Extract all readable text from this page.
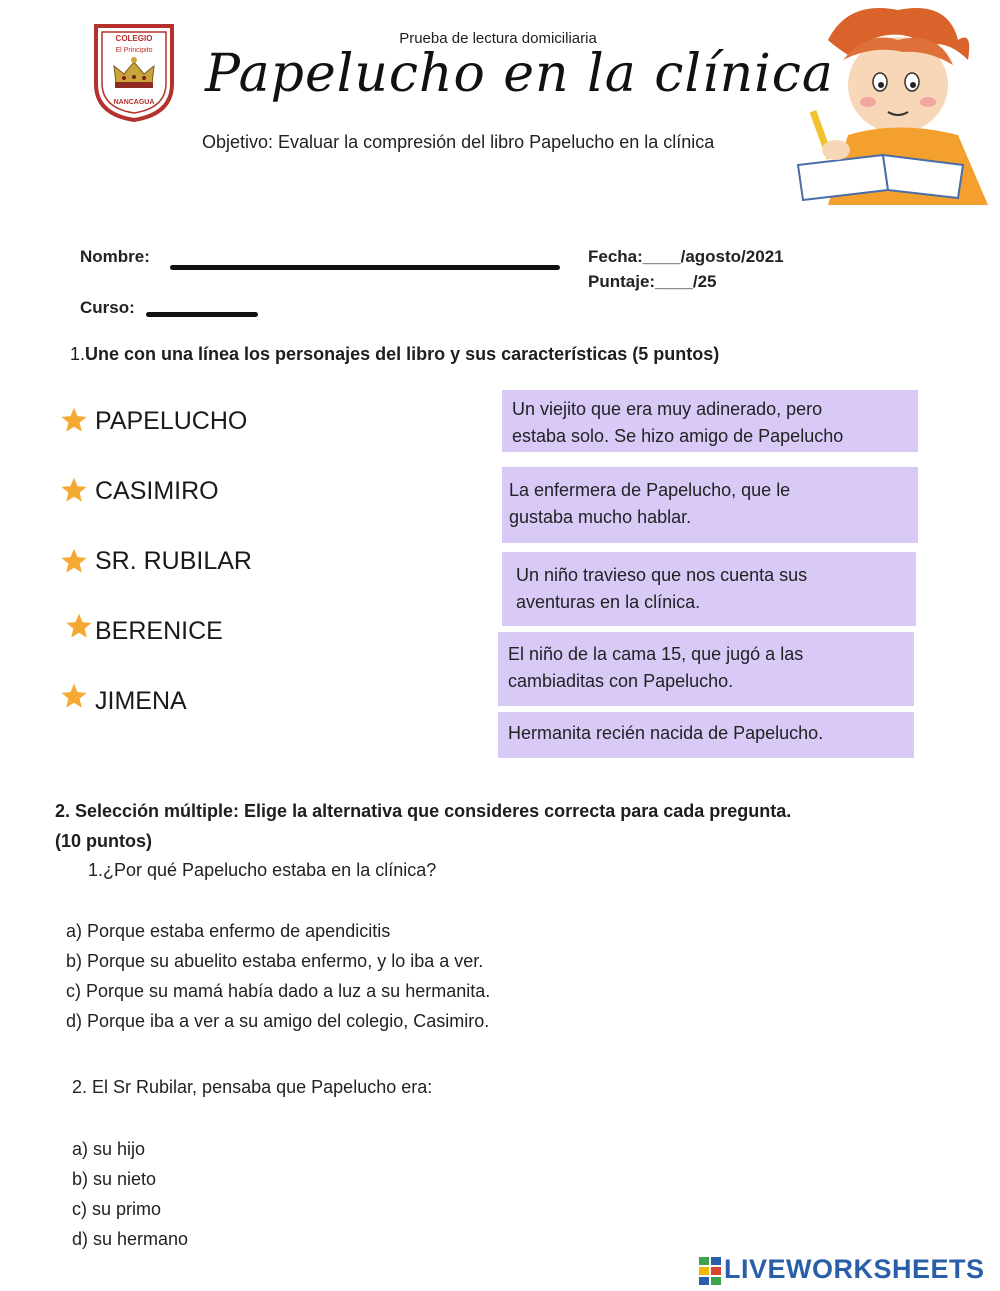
COLEGIO
El Principito
NANCAGUA
Prueba de lectura domiciliaria
Papelucho en la clínica
Objetivo: Evaluar la compresión del libro Papelucho en la clínica
Nombre:
Curso:
Fecha:____/agosto/2021
Puntaje:____/25
1.Une con una línea los personajes del libro y sus características (5 puntos)
PAPELUCHO
CASIMIRO
SR. RUBILAR
BERENICE
JIMENA
Un viejito que era muy adinerado, pero
estaba solo. Se hizo amigo de Papelucho
La enfermera de Papelucho, que le
gustaba mucho hablar.
Un niño travieso que nos cuenta sus
aventuras en la clínica.
El niño de la cama 15, que jugó a las
cambiaditas con Papelucho.
Hermanita recién nacida de Papelucho.
2. Selección múltiple: Elige la alternativa que consideres correcta para cada pregunta.
(10 puntos)
1.¿Por qué Papelucho estaba en la clínica?
a) Porque estaba enfermo de apendicitis
b) Porque su abuelito estaba enfermo, y lo iba a ver.
c) Porque su mamá había dado a luz a su hermanita.
d) Porque iba a ver a su amigo del colegio, Casimiro.
2. El Sr Rubilar, pensaba que Papelucho era:
a) su hijo
b) su nieto
c) su primo
d) su hermano
LIVEWORKSHEETS
